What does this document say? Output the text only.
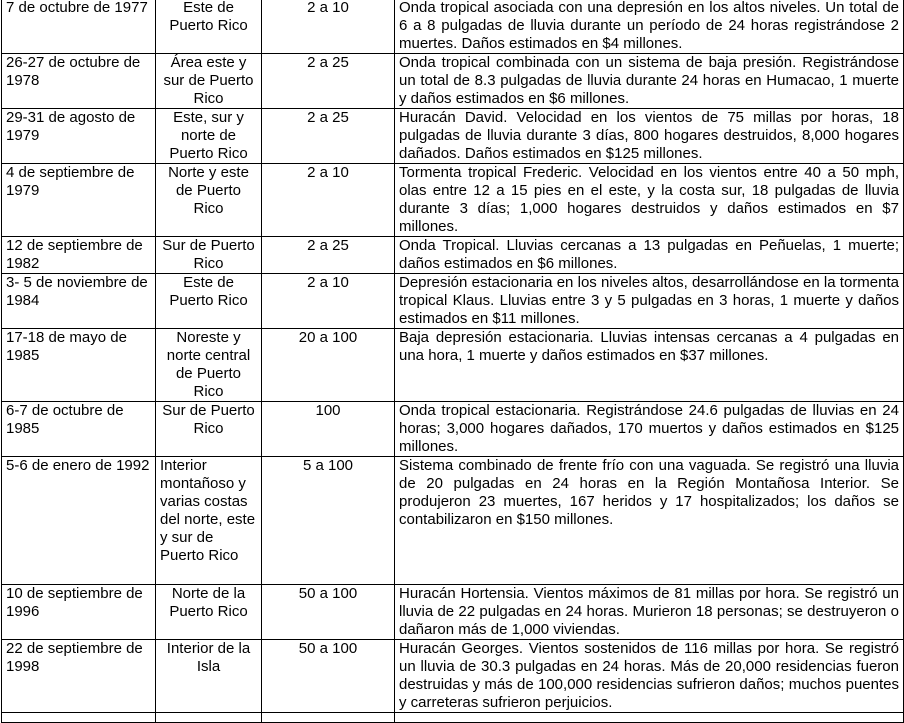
7 de octubre de 1977	Este de Puerto Rico	2 a 10	Onda tropical asociada con una depresión en los altos niveles. Un total de 6 a 8 pulgadas de lluvia durante un período de 24 horas registrándose 2 muertes. Daños estimados en $4 millones.
26-27 de octubre de 1978	Área este y sur de Puerto Rico	2 a 25	Onda tropical combinada con un sistema de baja presión. Registrándose un total de 8.3 pulgadas de lluvia durante 24 horas en Humacao, 1 muerte y daños estimados en $6 millones.
29-31 de agosto de 1979	Este, sur y norte de Puerto Rico	2 a 25	Huracán David. Velocidad en los vientos de 75 millas por horas, 18 pulgadas de lluvia durante 3 días, 800 hogares destruidos, 8,000 hogares dañados. Daños estimados en $125 millones.
4 de septiembre de 1979	Norte y este de Puerto Rico	2 a 10	Tormenta tropical Frederic. Velocidad en los vientos entre 40 a 50 mph, olas entre 12 a 15 pies en el este, y la costa sur, 18 pulgadas de lluvia durante 3 días; 1,000 hogares destruidos y daños estimados en $7 millones.
12 de septiembre de 1982	Sur de Puerto Rico	2 a 25	Onda Tropical. Lluvias cercanas a 13 pulgadas en Peñuelas, 1 muerte; daños estimados en $6 millones.
3- 5 de noviembre de 1984	Este de Puerto Rico	2 a 10	Depresión estacionaria en los niveles altos, desarrollándose en la tormenta tropical Klaus. Lluvias entre 3 y 5 pulgadas en 3 horas, 1 muerte y daños estimados en $11 millones.
17-18 de mayo de 1985	Noreste y norte central de Puerto Rico	20 a 100	Baja depresión estacionaria. Lluvias intensas cercanas a 4 pulgadas en una hora, 1 muerte y daños estimados en $37 millones.
6-7 de octubre de 1985	Sur de Puerto Rico	100	Onda tropical estacionaria. Registrándose 24.6 pulgadas de lluvias en 24 horas; 3,000 hogares dañados, 170 muertos y daños estimados en $125 millones.
5-6 de enero de 1992	Interior montañoso y varias costas del norte, este y sur de Puerto Rico	5 a 100	Sistema combinado de frente frío con una vaguada. Se registró una lluvia de 20 pulgadas en 24 horas en la Región Montañosa Interior. Se produjeron 23 muertes, 167 heridos y 17 hospitalizados; los daños se contabilizaron en $150 millones.
10 de septiembre de 1996	Norte de la Puerto Rico	50 a 100	Huracán Hortensia. Vientos máximos de 81 millas por hora. Se registró un lluvia de 22 pulgadas en 24 horas. Murieron 18 personas; se destruyeron o dañaron más de 1,000 viviendas.
22 de septiembre de 1998	Interior de la Isla	50 a 100	Huracán Georges. Vientos sostenidos de 116 millas por hora. Se registró un lluvia de 30.3 pulgadas en 24 horas. Más de 20,000 residencias fueron destruidas y más de 100,000 residencias sufrieron daños; muchos puentes y carreteras sufrieron perjuicios.
